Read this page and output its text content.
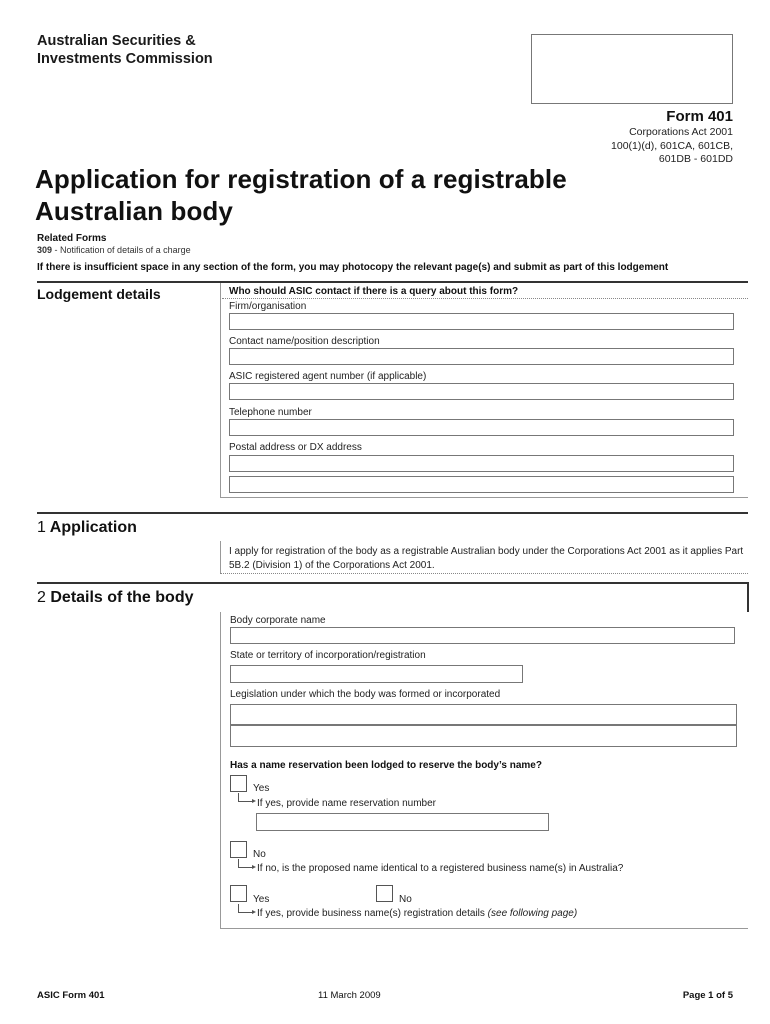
Australian Securities &
Investments Commission
Form 401
Corporations Act 2001
100(1)(d), 601CA, 601CB,
601DB - 601DD
Application for registration of a registrable
Australian body
Related Forms
309 - Notification of details of a charge
If there is insufficient space in any section of the form, you may photocopy the relevant page(s) and submit as part of this lodgement
Lodgement details	Who should ASIC contact if there is a query about this form?
Firm/organisation
Contact name/position description
ASIC registered agent number (if applicable)
Telephone number
Postal address or DX address
1 Application
I apply for registration of the body as a registrable Australian body under the Corporations Act 2001 as it applies Part
5B.2 (Division 1) of the Corporations Act 2001.
2 Details of the body
Body corporate name
State or territory of incorporation/registration
Legislation under which the body was formed or incorporated
Has a name reservation been lodged to reserve the body’s name?
Yes
If yes, provide name reservation number
No
If no, is the proposed name identical to a registered business name(s) in Australia?
Yes	No
If yes, provide business name(s) registration details (see following page)
ASIC Form 401	11 March 2009	Page 1 of 5
